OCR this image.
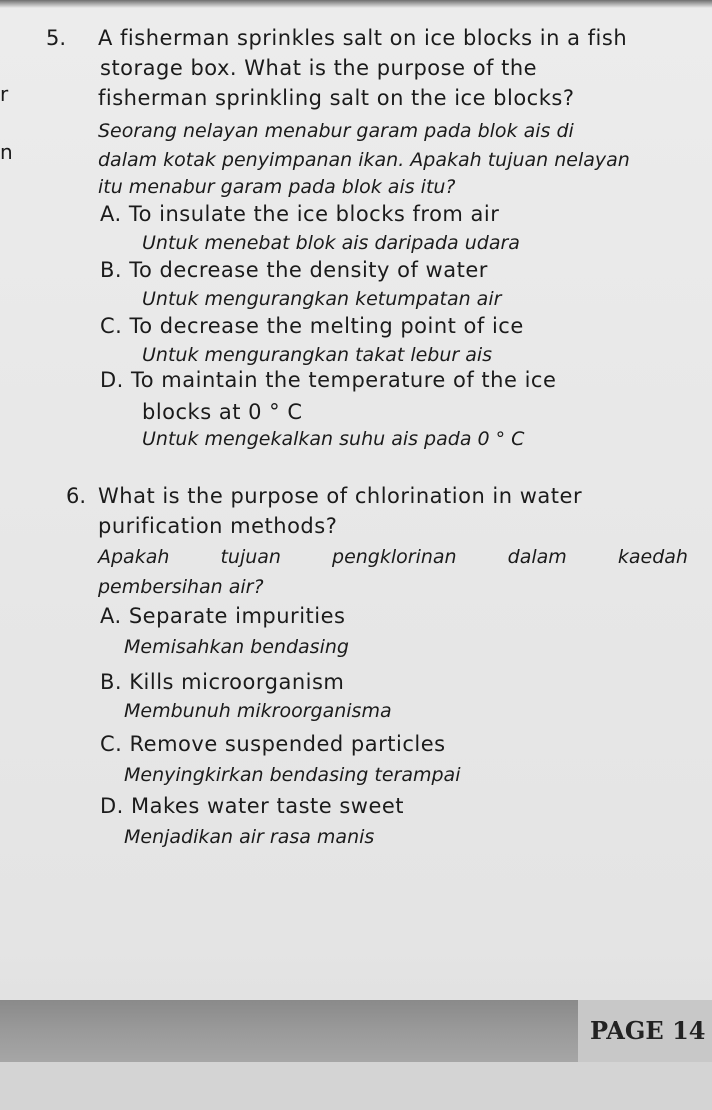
r
n
5. A fisherman sprinkles salt on ice blocks in a fish
storage box. What is the purpose of the
fisherman sprinkling salt on the ice blocks?
Seorang nelayan menabur garam pada blok ais di
dalam kotak penyimpanan ikan. Apakah tujuan nelayan
itu menabur garam pada blok ais itu?
A. To insulate the ice blocks from air
Untuk menebat blok ais daripada udara
B. To decrease the density of water
Untuk mengurangkan ketumpatan air
C. To decrease the melting point of ice
Untuk mengurangkan takat lebur ais
D. To maintain the temperature of the ice
blocks at 0 ° C
Untuk mengekalkan suhu ais pada 0 ° C
6. What is the purpose of chlorination in water
purification methods?
Apakah	tujuan	pengklorinan	dalam	kaedah
pembersihan air?
A. Separate impurities
Memisahkan bendasing
B. Kills microorganism
Membunuh mikroorganisma
C. Remove suspended particles
Menyingkirkan bendasing terampai
D. Makes water taste sweet
Menjadikan air rasa manis
PAGE 14
